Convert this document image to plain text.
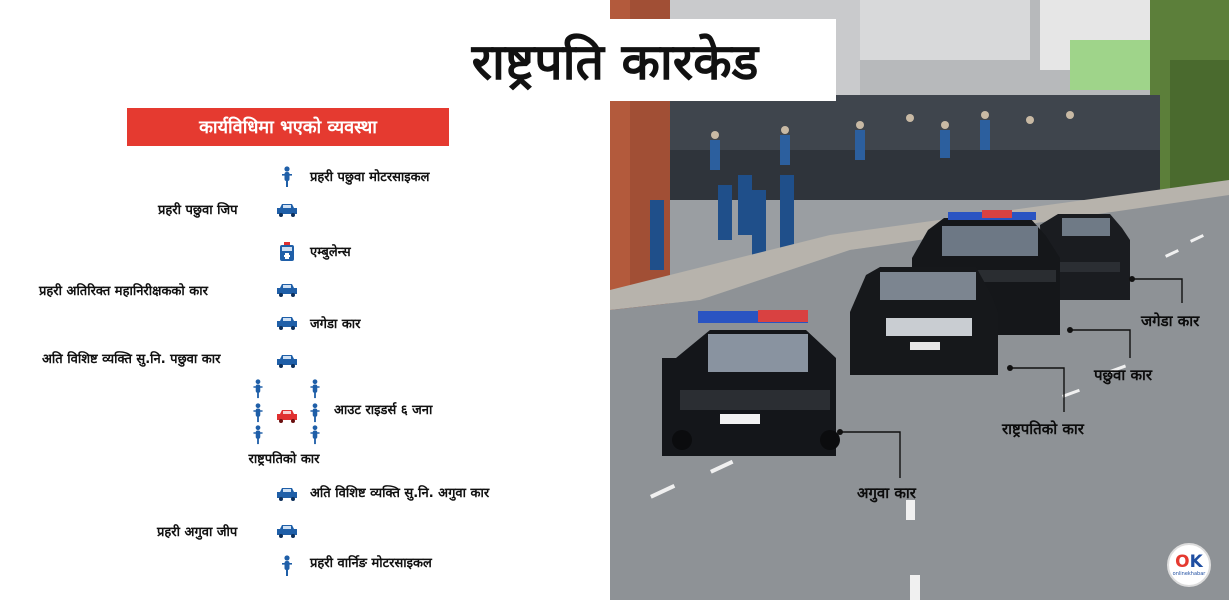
कार्यविधिमा भएको व्यवस्था
प्रहरी पछुवा मोटरसाइकल
प्रहरी पछुवा जिप
एम्बुलेन्स
प्रहरी अतिरिक्त महानिरीक्षकको कार
जगेडा कार
अति विशिष्ट व्यक्ति सु.नि. पछुवा कार
आउट राइडर्स ६ जना
राष्ट्रपतिको कार
अति विशिष्ट व्यक्ति सु.नि. अगुवा कार
प्रहरी अगुवा जीप
प्रहरी वार्निङ मोटरसाइकल
जगेडा कार
पछुवा कार
राष्ट्रपतिको कार
अगुवा कार
राष्ट्रपति कारकेड
OK
onlinekhabar
